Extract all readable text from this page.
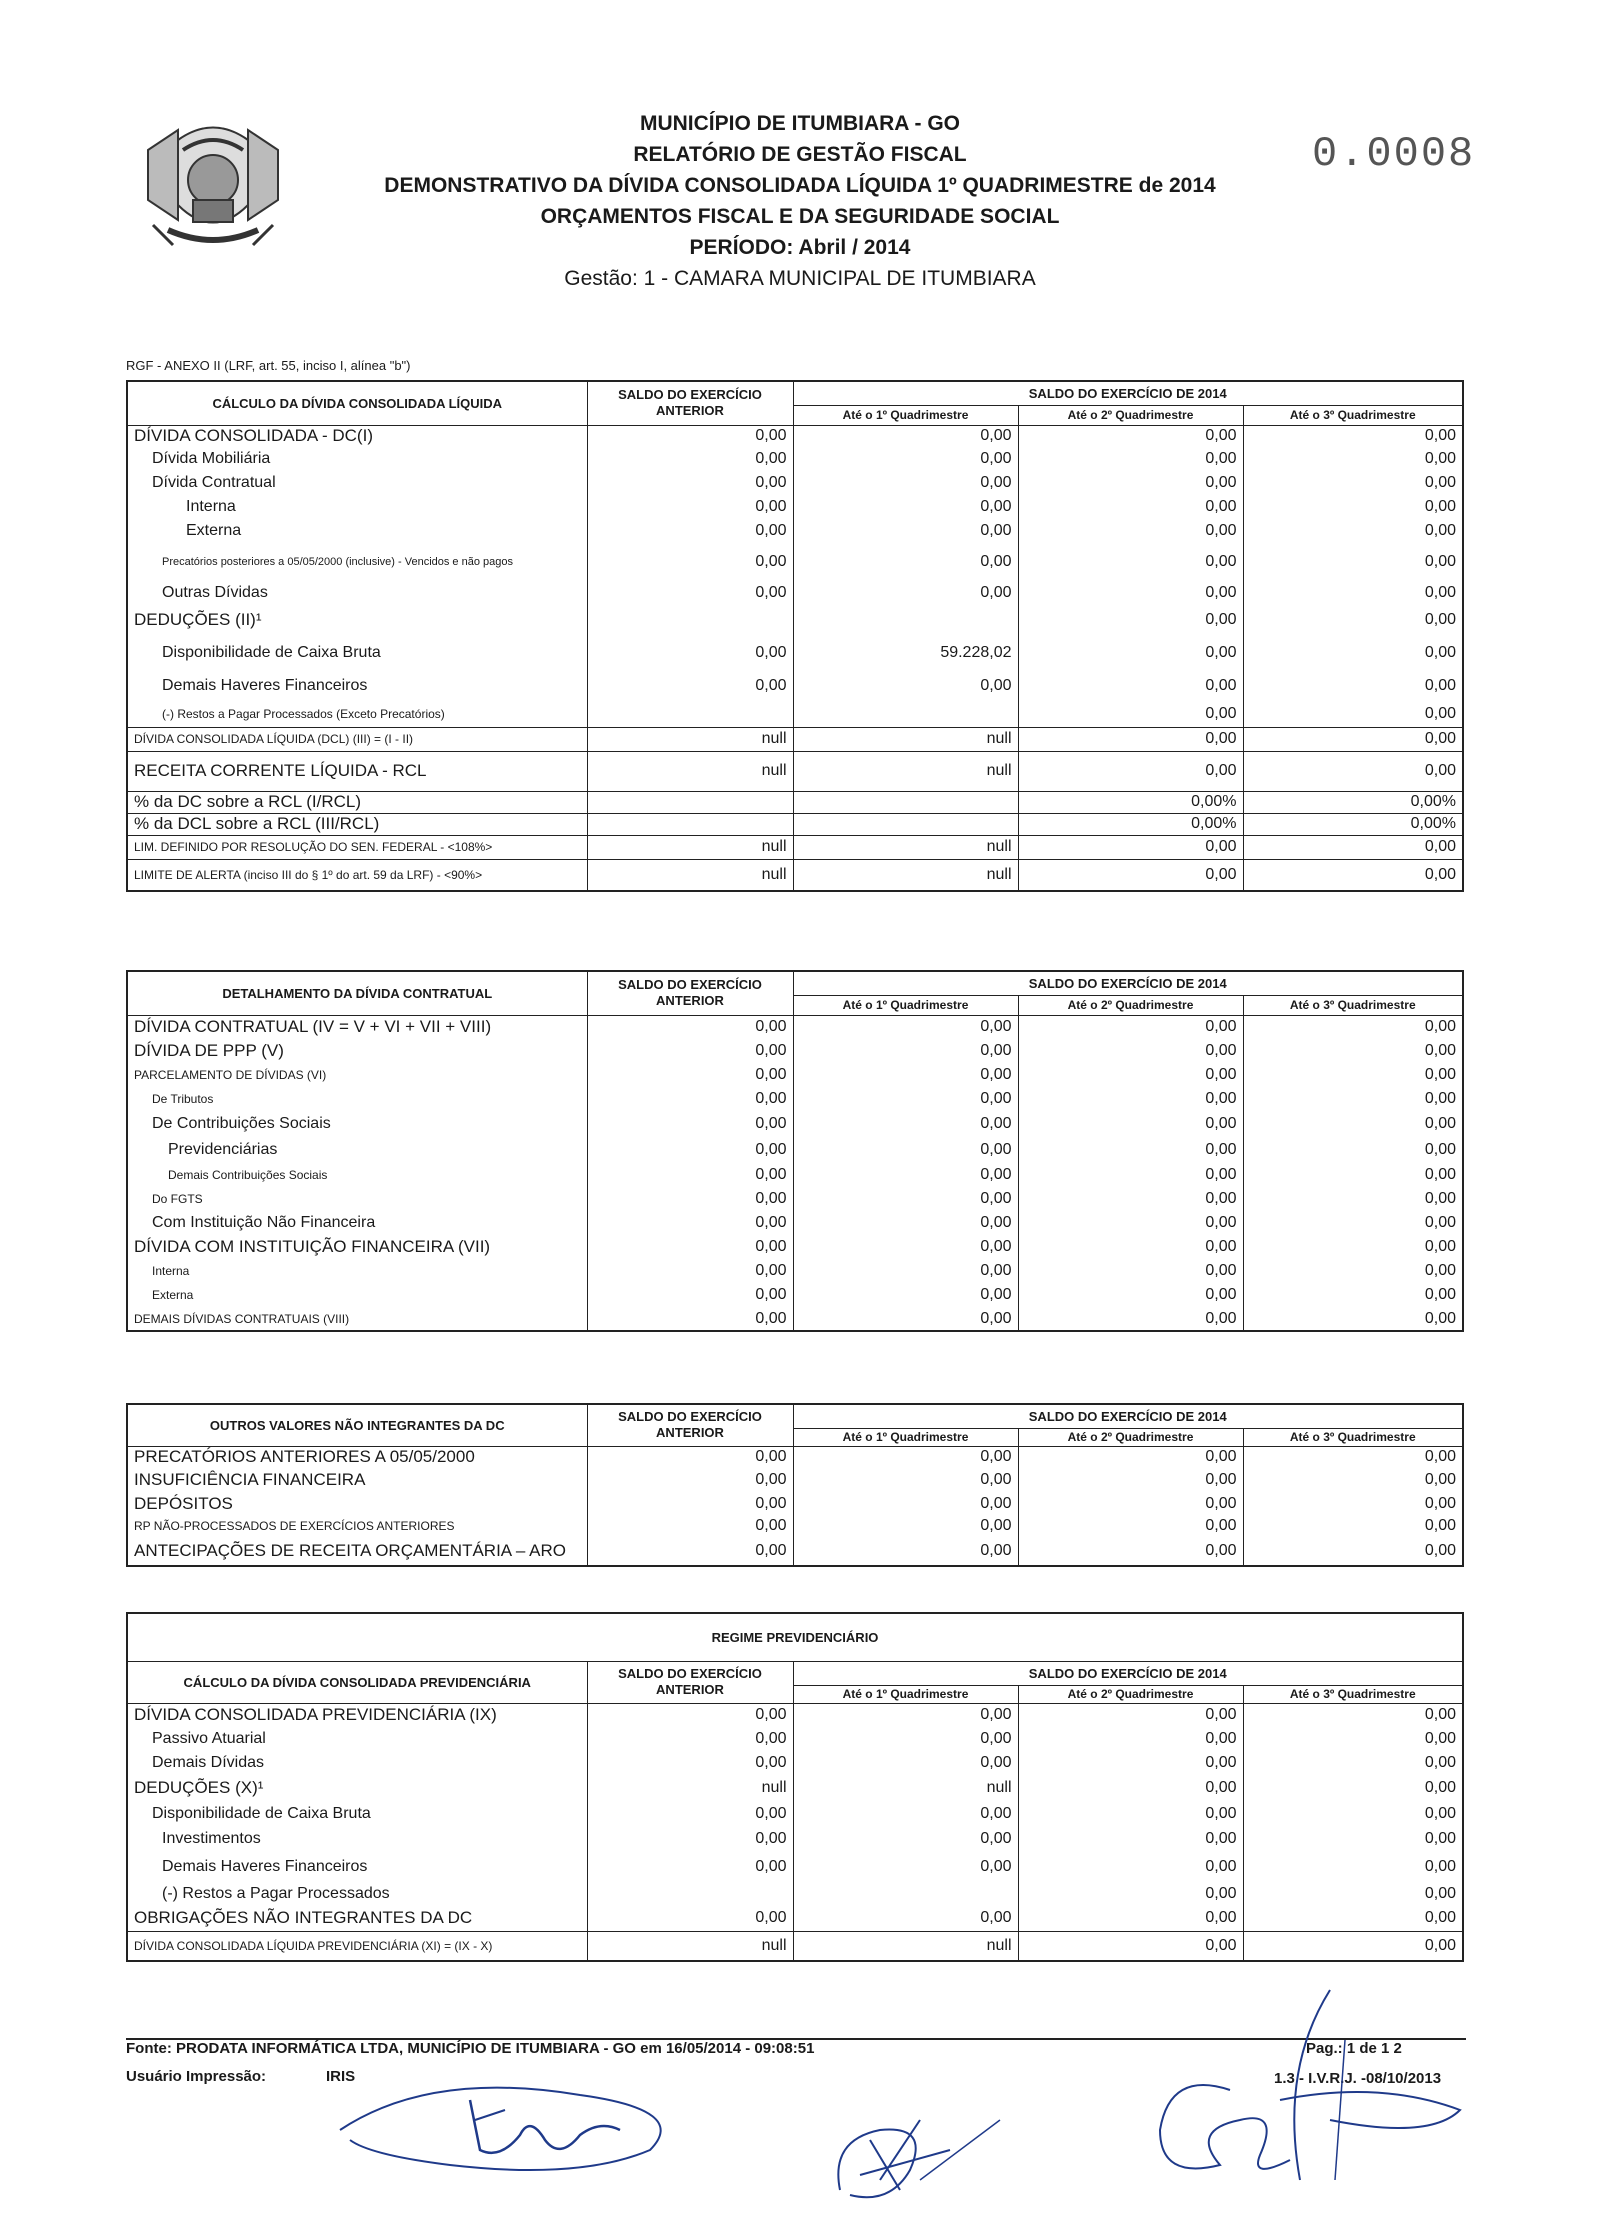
0.0008
MUNICÍPIO DE ITUMBIARA - GO
RELATÓRIO DE GESTÃO FISCAL
DEMONSTRATIVO DA DÍVIDA CONSOLIDADA LÍQUIDA 1º QUADRIMESTRE de 2014
ORÇAMENTOS FISCAL E DA SEGURIDADE SOCIAL
PERÍODO: Abril / 2014
Gestão: 1 - CAMARA MUNICIPAL DE ITUMBIARA
RGF - ANEXO II (LRF, art. 55, inciso I, alínea "b")
CÁLCULO DA DÍVIDA CONSOLIDADA LÍQUIDA	SALDO DO EXERCÍCIO ANTERIOR	SALDO DO EXERCÍCIO DE 2014		
		Até o 1º Quadrimestre	Até o 2º Quadrimestre	Até o 3º Quadrimestre
DÍVIDA CONSOLIDADA - DC(I)	0,00	0,00	0,00	0,00
Dívida Mobiliária	0,00	0,00	0,00	0,00
Dívida Contratual	0,00	0,00	0,00	0,00
Interna	0,00	0,00	0,00	0,00
Externa	0,00	0,00	0,00	0,00
Precatórios posteriores a 05/05/2000 (inclusive) - Vencidos e não pagos	0,00	0,00	0,00	0,00
Outras Dívidas	0,00	0,00	0,00	0,00
DEDUÇÕES (II)¹			0,00	0,00
Disponibilidade de Caixa Bruta	0,00	59.228,02	0,00	0,00
Demais Haveres Financeiros	0,00	0,00	0,00	0,00
(-) Restos a Pagar Processados (Exceto Precatórios)			0,00	0,00
DÍVIDA CONSOLIDADA LÍQUIDA (DCL) (III) = (I - II)	null	null	0,00	0,00
RECEITA CORRENTE LÍQUIDA - RCL	null	null	0,00	0,00
% da DC sobre a RCL (I/RCL)			0,00%	0,00%
% da DCL sobre a RCL (III/RCL)			0,00%	0,00%
LIM. DEFINIDO POR RESOLUÇÃO DO SEN. FEDERAL - <108%>	null	null	0,00	0,00
LIMITE DE ALERTA (inciso III do § 1º do art. 59 da LRF) - <90%>	null	null	0,00	0,00
DETALHAMENTO DA DÍVIDA CONTRATUAL	SALDO DO EXERCÍCIO ANTERIOR	SALDO DO EXERCÍCIO DE 2014		
		Até o 1º Quadrimestre	Até o 2º Quadrimestre	Até o 3º Quadrimestre
DÍVIDA CONTRATUAL (IV = V + VI + VII + VIII)	0,00	0,00	0,00	0,00
DÍVIDA DE PPP (V)	0,00	0,00	0,00	0,00
PARCELAMENTO DE DÍVIDAS (VI)	0,00	0,00	0,00	0,00
De Tributos	0,00	0,00	0,00	0,00
De Contribuições Sociais	0,00	0,00	0,00	0,00
Previdenciárias	0,00	0,00	0,00	0,00
Demais Contribuições Sociais	0,00	0,00	0,00	0,00
Do FGTS	0,00	0,00	0,00	0,00
Com Instituição Não Financeira	0,00	0,00	0,00	0,00
DÍVIDA COM INSTITUIÇÃO FINANCEIRA (VII)	0,00	0,00	0,00	0,00
Interna	0,00	0,00	0,00	0,00
Externa	0,00	0,00	0,00	0,00
DEMAIS DÍVIDAS CONTRATUAIS (VIII)	0,00	0,00	0,00	0,00
OUTROS VALORES NÃO INTEGRANTES DA DC	SALDO DO EXERCÍCIO ANTERIOR	SALDO DO EXERCÍCIO DE 2014		
		Até o 1º Quadrimestre	Até o 2º Quadrimestre	Até o 3º Quadrimestre
PRECATÓRIOS ANTERIORES A 05/05/2000	0,00	0,00	0,00	0,00
INSUFICIÊNCIA FINANCEIRA	0,00	0,00	0,00	0,00
DEPÓSITOS	0,00	0,00	0,00	0,00
RP NÃO-PROCESSADOS DE EXERCÍCIOS ANTERIORES	0,00	0,00	0,00	0,00
ANTECIPAÇÕES DE RECEITA ORÇAMENTÁRIA – ARO	0,00	0,00	0,00	0,00
REGIME PREVIDENCIÁRIO				
CÁLCULO DA DÍVIDA CONSOLIDADA PREVIDENCIÁRIA	SALDO DO EXERCÍCIO ANTERIOR	SALDO DO EXERCÍCIO DE 2014		
		Até o 1º Quadrimestre	Até o 2º Quadrimestre	Até o 3º Quadrimestre
DÍVIDA CONSOLIDADA PREVIDENCIÁRIA (IX)	0,00	0,00	0,00	0,00
Passivo Atuarial	0,00	0,00	0,00	0,00
Demais Dívidas	0,00	0,00	0,00	0,00
DEDUÇÕES (X)¹	null	null	0,00	0,00
Disponibilidade de Caixa Bruta	0,00	0,00	0,00	0,00
Investimentos	0,00	0,00	0,00	0,00
Demais Haveres Financeiros	0,00	0,00	0,00	0,00
(-) Restos a Pagar Processados			0,00	0,00
OBRIGAÇÕES NÃO INTEGRANTES DA DC	0,00	0,00	0,00	0,00
DÍVIDA CONSOLIDADA LÍQUIDA PREVIDENCIÁRIA (XI) = (IX - X)	null	null	0,00	0,00
Fonte: PRODATA INFORMÁTICA LTDA, MUNICÍPIO DE ITUMBIARA - GO em 16/05/2014 - 09:08:51
Usuário Impressão:	IRIS
Pag.: 1 de 1 2
1.3 - I.V.R.J. -08/10/2013
